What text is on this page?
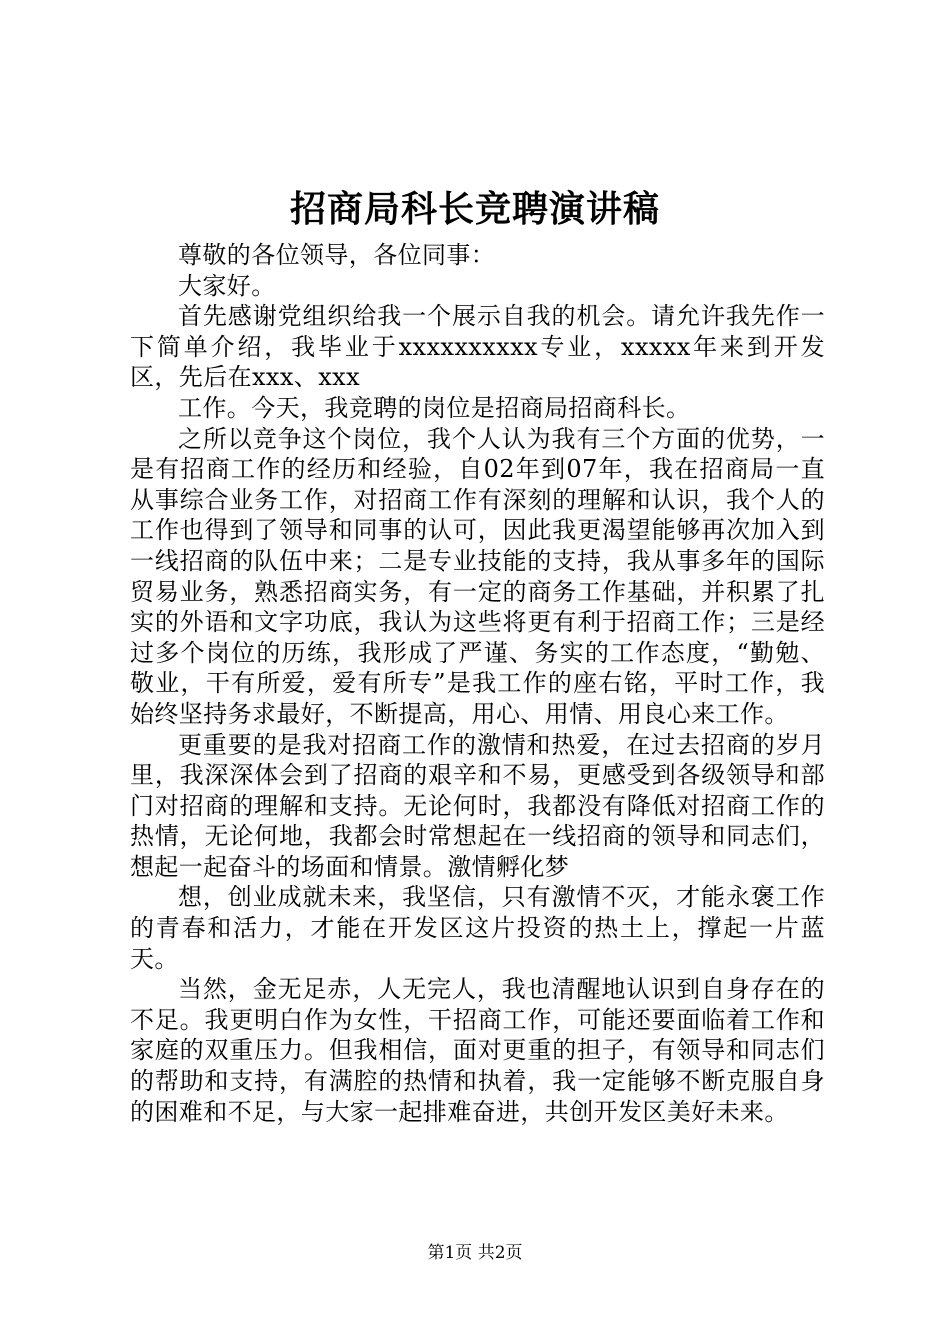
招商局科长竞聘演讲稿

尊敬的各位领导，各位同事：

大家好。

首先感谢党组织给我一个展示自我的机会。请允许我先作一下简单介绍，我毕业于xxxxxxxxxx专业，xxxxx年来到开发区，先后在xxx、xxx

工作。今天，我竞聘的岗位是招商局招商科长。

之所以竞争这个岗位，我个人认为我有三个方面的优势，一是有招商工作的经历和经验，自02年到07年，我在招商局一直从事综合业务工作，对招商工作有深刻的理解和认识，我个人的工作也得到了领导和同事的认可，因此我更渴望能够再次加入到一线招商的队伍中来；二是专业技能的支持，我从事多年的国际贸易业务，熟悉招商实务，有一定的商务工作基础，并积累了扎实的外语和文字功底，我认为这些将更有利于招商工作；三是经过多个岗位的历练，我形成了严谨、务实的工作态度，“勤勉、敬业，干有所爱，爱有所专”是我工作的座右铭，平时工作，我始终坚持务求最好，不断提高，用心、用情、用良心来工作。

更重要的是我对招商工作的激情和热爱，在过去招商的岁月里，我深深体会到了招商的艰辛和不易，更感受到各级领导和部门对招商的理解和支持。无论何时，我都没有降低对招商工作的热情，无论何地，我都会时常想起在一线招商的领导和同志们，想起一起奋斗的场面和情景。激情孵化梦

想，创业成就未来，我坚信，只有激情不灭，才能永褒工作的青春和活力，才能在开发区这片投资的热土上，撑起一片蓝天。

当然，金无足赤，人无完人，我也清醒地认识到自身存在的不足。我更明白作为女性，干招商工作，可能还要面临着工作和家庭的双重压力。但我相信，面对更重的担子，有领导和同志们的帮助和支持，有满腔的热情和执着，我一定能够不断克服自身的困难和不足，与大家一起排难奋进，共创开发区美好未来。

第1页 共2页
